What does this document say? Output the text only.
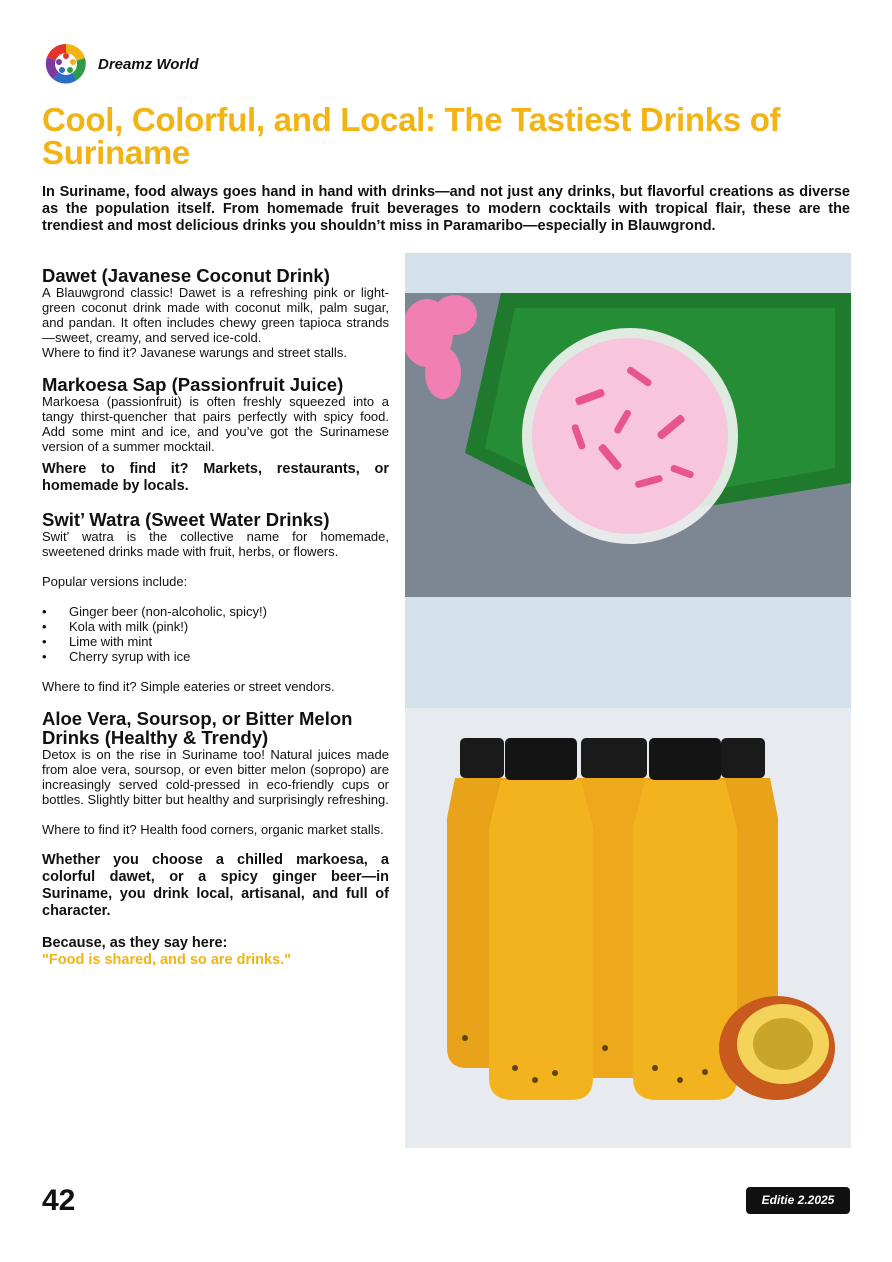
Dreamz World
Cool, Colorful, and Local: The Tastiest Drinks of Suriname

In Suriname, food always goes hand in hand with drinks—and not just any drinks, but flavorful creations as diverse as the population itself. From homemade fruit beverages to modern cocktails with tropical flair, these are the trendiest and most delicious drinks you shouldn’t miss in Paramaribo—especially in Blauwgrond.

Dawet (Javanese Coconut Drink)

A Blauwgrond classic! Dawet is a refreshing pink or light-green coconut drink made with coconut milk, palm sugar, and pandan. It often includes chewy green tapioca strands—sweet, creamy, and served ice-cold.

Where to find it? Javanese warungs and street stalls.

Markoesa Sap (Passionfruit Juice)

Markoesa (passionfruit) is often freshly squeezed into a tangy thirst-quencher that pairs perfectly with spicy food. Add some mint and ice, and you’ve got the Surinamese version of a summer mocktail.

Where to find it? Markets, restaurants, or homemade by locals.

Swit’ Watra (Sweet Water Drinks)

Swit’ watra is the collective name for homemade, sweetened drinks made with fruit, herbs, or flowers.

Popular versions include:

• Ginger beer (non-alcoholic, spicy!)
• Kola with milk (pink!)
• Lime with mint
• Cherry syrup with ice

Where to find it? Simple eateries or street vendors.

Aloe Vera, Soursop, or Bitter Melon Drinks (Healthy & Trendy)

Detox is on the rise in Suriname too! Natural juices made from aloe vera, soursop, or even bitter melon (sopropo) are increasingly served cold-pressed in eco-friendly cups or bottles. Slightly bitter but healthy and surprisingly refreshing.

Where to find it? Health food corners, organic market stalls.

Whether you choose a chilled markoesa, a colorful dawet, or a spicy ginger beer—in Suriname, you drink local, artisanal, and full of character.

Because, as they say here:

"Food is shared, and so are drinks."

42	Editie 2.2025
